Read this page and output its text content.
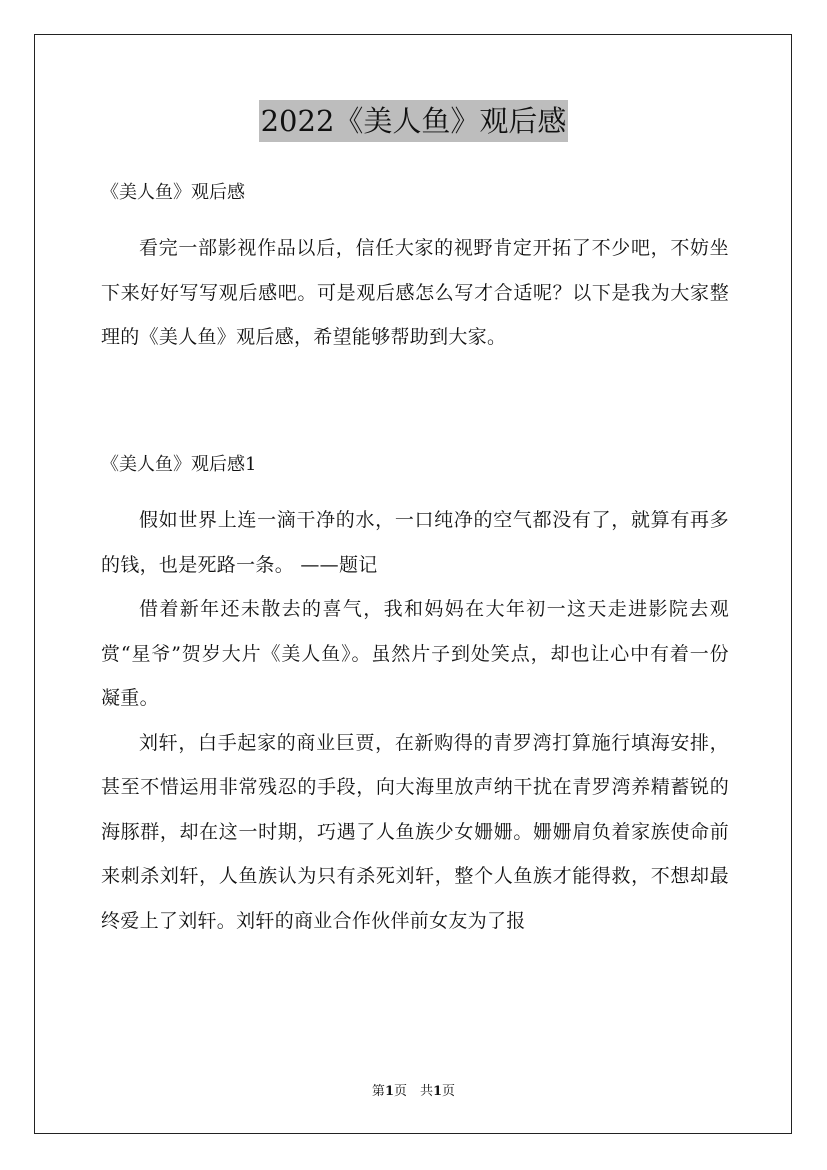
2022《美人鱼》观后感
《美人鱼》观后感

看完一部影视作品以后，信任大家的视野肯定开拓了不少吧，不妨坐下来好好写写观后感吧。可是观后感怎么写才合适呢？以下是我为大家整理的《美人鱼》观后感，希望能够帮助到大家。

《美人鱼》观后感1

假如世界上连一滴干净的水，一口纯净的空气都没有了，就算有再多的钱，也是死路一条。 ——题记

借着新年还未散去的喜气，我和妈妈在大年初一这天走进影院去观赏“星爷”贺岁大片《美人鱼》。虽然片子到处笑点，却也让心中有着一份凝重。

刘轩，白手起家的商业巨贾，在新购得的青罗湾打算施行填海安排，甚至不惜运用非常残忍的手段，向大海里放声纳干扰在青罗湾养精蓄锐的海豚群，却在这一时期，巧遇了人鱼族少女姗姗。姗姗肩负着家族使命前来刺杀刘轩，人鱼族认为只有杀死刘轩，整个人鱼族才能得救，不想却最终爱上了刘轩。刘轩的商业合作伙伴前女友为了报

第1页　共1页
